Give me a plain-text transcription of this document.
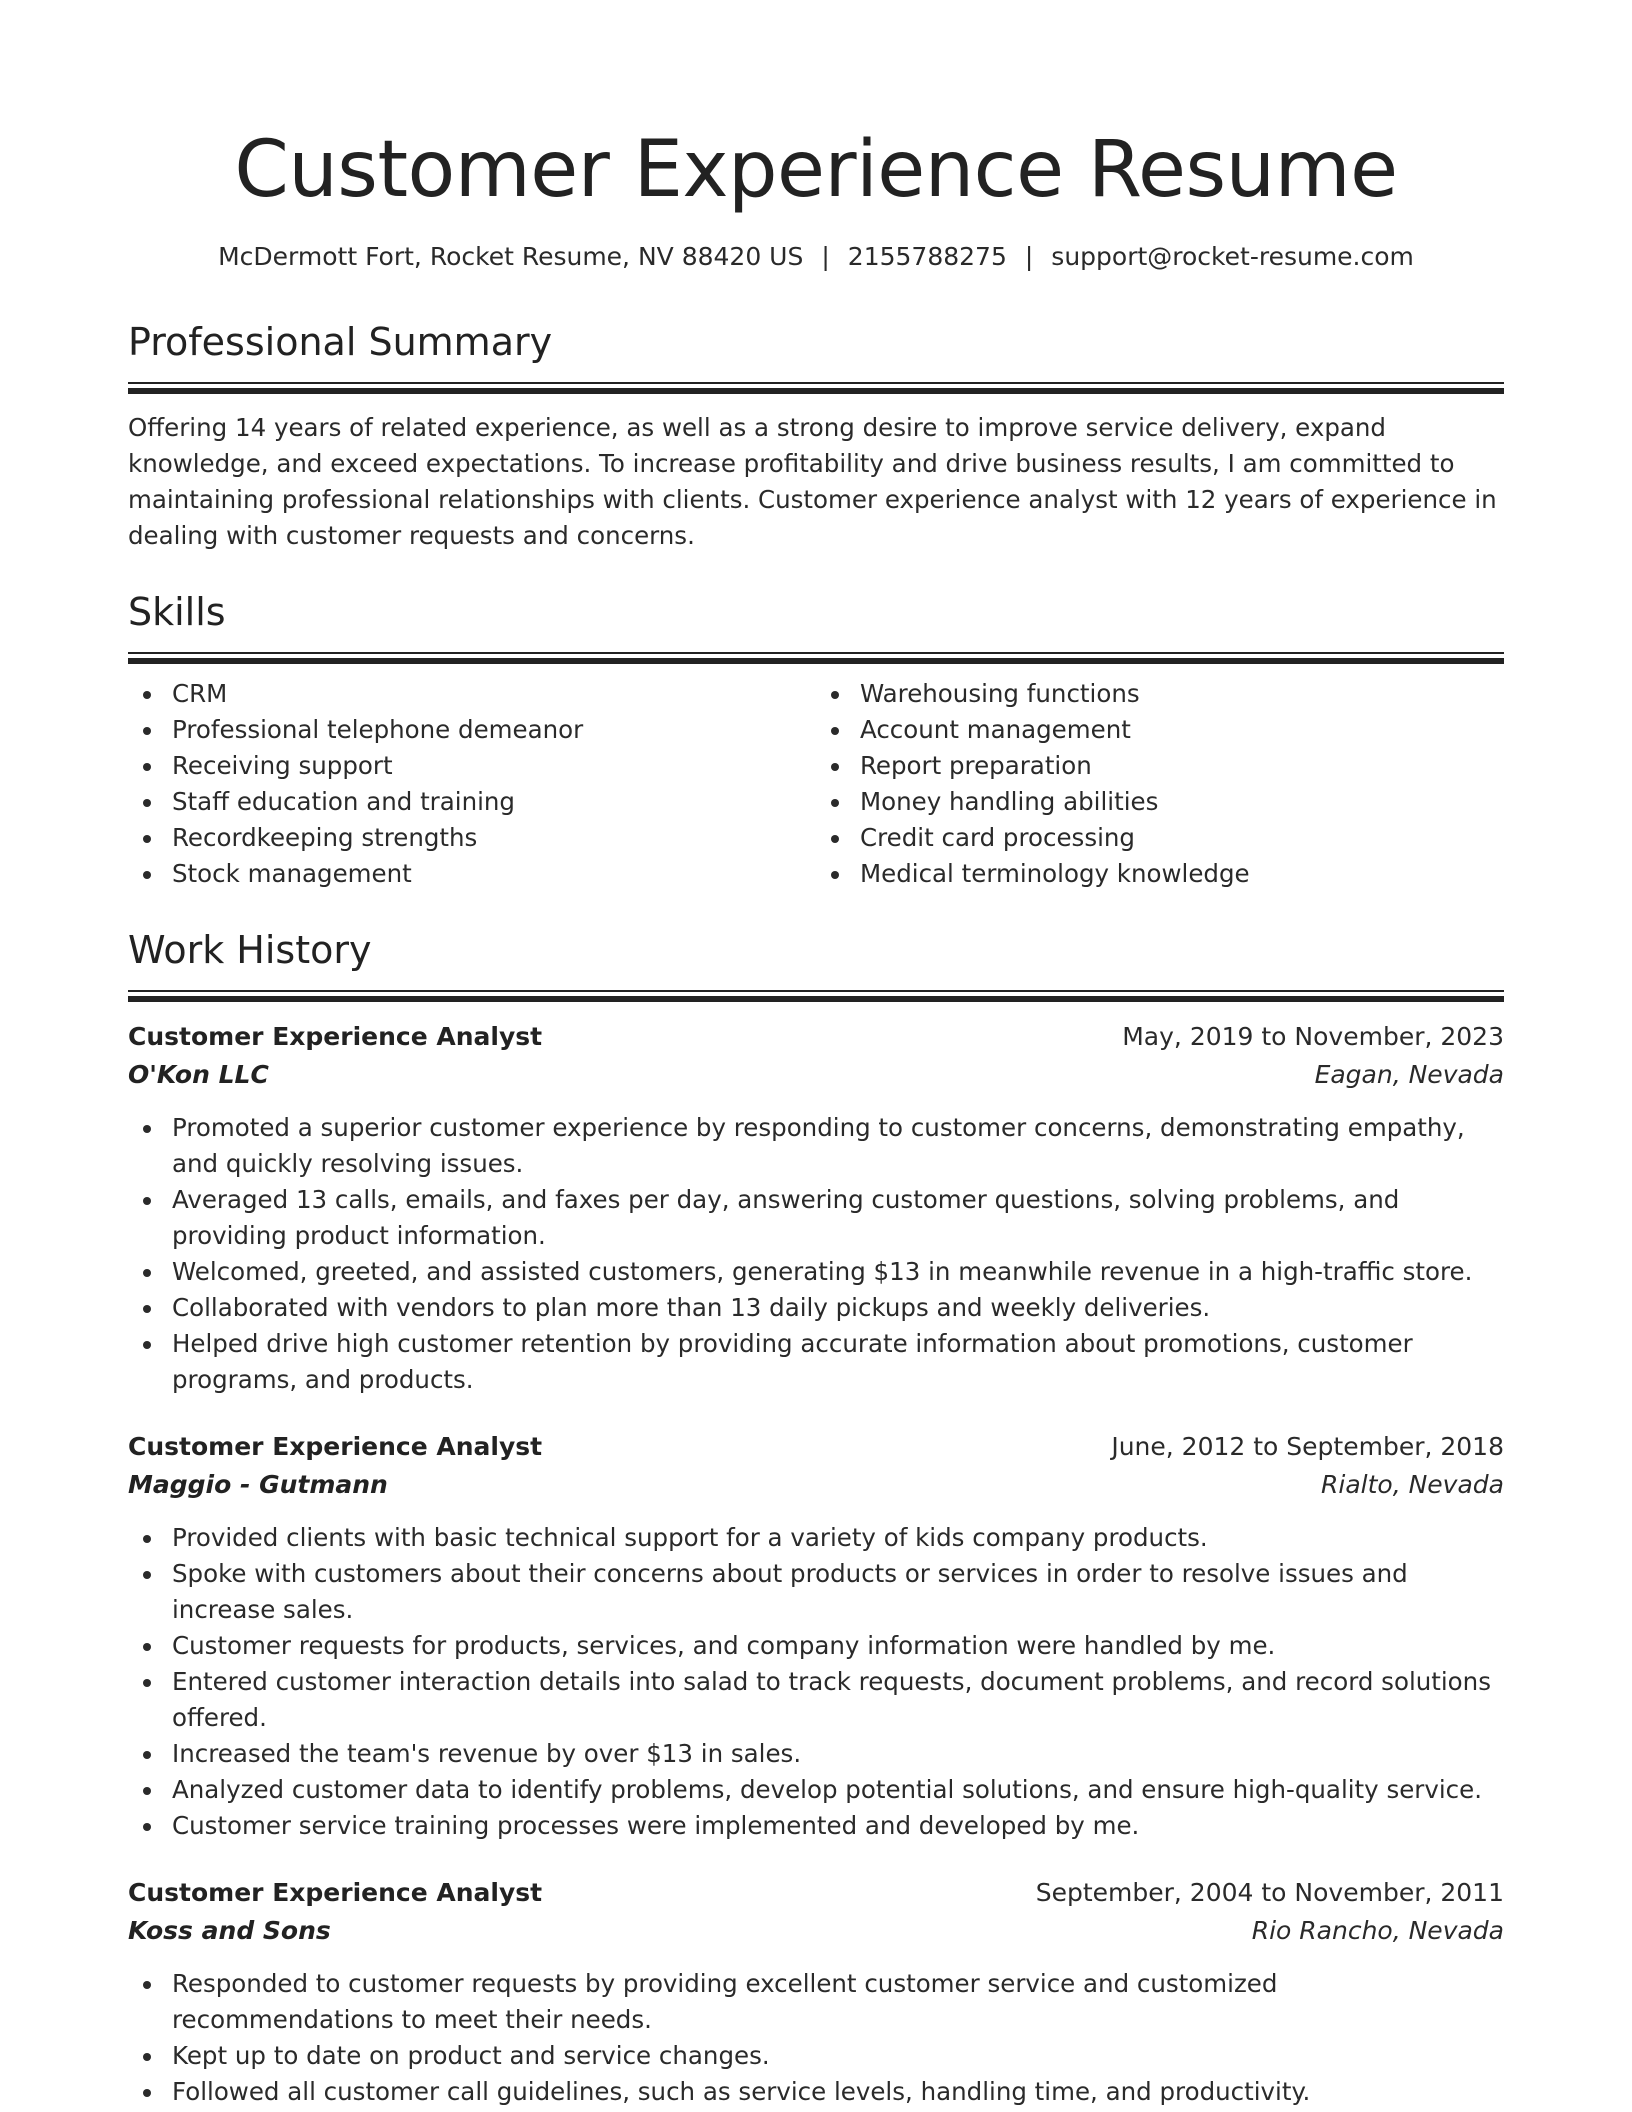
Customer Experience Resume
McDermott Fort, Rocket Resume, NV 88420 US | 2155788275 | support@rocket-resume.com
Professional Summary

Offering 14 years of related experience, as well as a strong desire to improve service delivery, expand knowledge, and exceed expectations. To increase profitability and drive business results, I am committed to maintaining professional relationships with clients. Customer experience analyst with 12 years of experience in dealing with customer requests and concerns.

Skills
CRM
Professional telephone demeanor
Receiving support
Staff education and training
Recordkeeping strengths
Stock management
Warehousing functions
Account management
Report preparation
Money handling abilities
Credit card processing
Medical terminology knowledge
Work History
Customer Experience Analyst	May, 2019 to November, 2023
O'Kon LLC	Eagan, Nevada
Promoted a superior customer experience by responding to customer concerns, demonstrating empathy, and quickly resolving issues.
Averaged 13 calls, emails, and faxes per day, answering customer questions, solving problems, and providing product information.
Welcomed, greeted, and assisted customers, generating $13 in meanwhile revenue in a high-traffic store.
Collaborated with vendors to plan more than 13 daily pickups and weekly deliveries.
Helped drive high customer retention by providing accurate information about promotions, customer programs, and products.
Customer Experience Analyst	June, 2012 to September, 2018
Maggio - Gutmann	Rialto, Nevada
Provided clients with basic technical support for a variety of kids company products.
Spoke with customers about their concerns about products or services in order to resolve issues and increase sales.
Customer requests for products, services, and company information were handled by me.
Entered customer interaction details into salad to track requests, document problems, and record solutions offered.
Increased the team's revenue by over $13 in sales.
Analyzed customer data to identify problems, develop potential solutions, and ensure high-quality service.
Customer service training processes were implemented and developed by me.
Customer Experience Analyst	September, 2004 to November, 2011
Koss and Sons	Rio Rancho, Nevada
Responded to customer requests by providing excellent customer service and customized recommendations to meet their needs.
Kept up to date on product and service changes.
Followed all customer call guidelines, such as service levels, handling time, and productivity.
